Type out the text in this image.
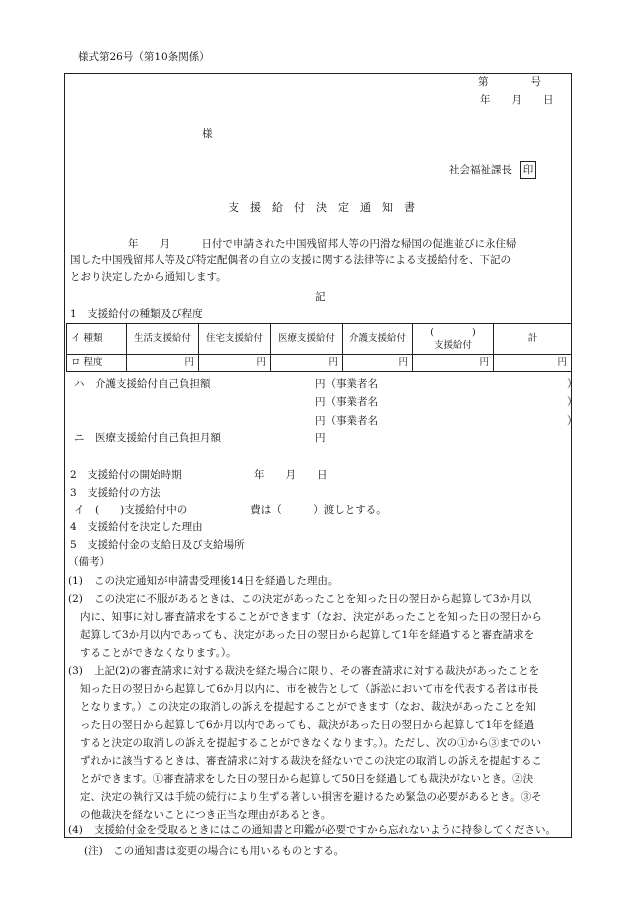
様式第26号（第10条関係）
第　　　　号
年　　月　　日
様
社会福祉課長 印
支　援　給　付　決　定　通　知　書
年　　月　　　日付で申請された中国残留邦人等の円滑な帰国の促進並びに永住帰
国した中国残留邦人等及び特定配偶者の自立の支援に関する法律等による支援給付を、下記の
とおり決定したから通知します。
記
1　支援給付の種類及び程度
イ 種類	生活支援給付	住宅支援給付	医療支援給付	介護支援給付	(　　　　)
支援給付	計
ロ 程度	円	円	円	円	円	円
ハ　介護支援給付自己負担額	円（事業者名　　　　　　　　　　　　　　　　　　）
円（事業者名　　　　　　　　　　　　　　　　　　）
円（事業者名　　　　　　　　　　　　　　　　　　）
ニ　医療支援給付自己負担月額	円
2　支援給付の開始時期	年　　月　　日
3　支援給付の方法
イ　(　　)支援給付中の　　　　　　費は（　　　）渡しとする。
4　支援給付を決定した理由
5　支援給付金の支給日及び支給場所
（備考）
(1) この決定通知が申請書受理後14日を経過した理由。
(2) この決定に不服があるときは、この決定があったことを知った日の翌日から起算して3か月以
内に、知事に対し審査請求をすることができます（なお、決定があったことを知った日の翌日から
起算して3か月以内であっても、決定があった日の翌日から起算して1年を経過すると審査請求を
することができなくなります。）。
(3) 上記(2)の審査請求に対する裁決を経た場合に限り、その審査請求に対する裁決があったことを
知った日の翌日から起算して6か月以内に、市を被告として（訴訟において市を代表する者は市長
となります。）この決定の取消しの訴えを提起することができます（なお、裁決があったことを知
った日の翌日から起算して6か月以内であっても、裁決があった日の翌日から起算して1年を経過
すると決定の取消しの訴えを提起することができなくなります。）。ただし、次の①から③までのい
ずれかに該当するときは、審査請求に対する裁決を経ないでこの決定の取消しの訴えを提起するこ
とができます。①審査請求をした日の翌日から起算して50日を経過しても裁決がないとき。②決
定、決定の執行又は手続の続行により生ずる著しい損害を避けるため緊急の必要があるとき。③そ
の他裁決を経ないことにつき正当な理由があるとき。
(4) 支援給付金を受取るときにはこの通知書と印鑑が必要ですから忘れないように持参してください。
(注)　この通知書は変更の場合にも用いるものとする。
